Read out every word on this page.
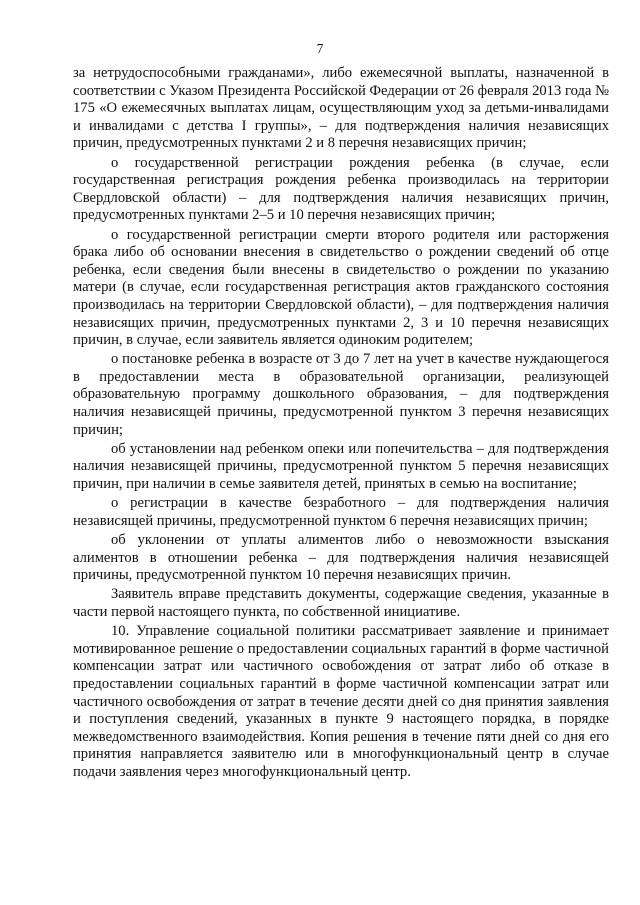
7

за нетрудоспособными гражданами», либо ежемесячной выплаты, назначенной в соответствии с Указом Президента Российской Федерации от 26 февраля 2013 года № 175 «О ежемесячных выплатах лицам, осуществляющим уход за детьми-инвалидами и инвалидами с детства I группы», – для подтверждения наличия независящих причин, предусмотренных пунктами 2 и 8 перечня независящих причин;

о государственной регистрации рождения ребенка (в случае, если государственная регистрация рождения ребенка производилась на территории Свердловской области) – для подтверждения наличия независящих причин, предусмотренных пунктами 2–5 и 10 перечня независящих причин;

о государственной регистрации смерти второго родителя или расторжения брака либо об основании внесения в свидетельство о рождении сведений об отце ребенка, если сведения были внесены в свидетельство о рождении по указанию матери (в случае, если государственная регистрация актов гражданского состояния производилась на территории Свердловской области), – для подтверждения наличия независящих причин, предусмотренных пунктами 2, 3 и 10 перечня независящих причин, в случае, если заявитель является одиноким родителем;

о постановке ребенка в возрасте от 3 до 7 лет на учет в качестве нуждающегося в предоставлении места в образовательной организации, реализующей образовательную программу дошкольного образования, – для подтверждения наличия независящей причины, предусмотренной пунктом 3 перечня независящих причин;

об установлении над ребенком опеки или попечительства – для подтверждения наличия независящей причины, предусмотренной пунктом 5 перечня независящих причин, при наличии в семье заявителя детей, принятых в семью на воспитание;

о регистрации в качестве безработного – для подтверждения наличия независящей причины, предусмотренной пунктом 6 перечня независящих причин;

об уклонении от уплаты алиментов либо о невозможности взыскания алиментов в отношении ребенка – для подтверждения наличия независящей причины, предусмотренной пунктом 10 перечня независящих причин.

Заявитель вправе представить документы, содержащие сведения, указанные в части первой настоящего пункта, по собственной инициативе.

10. Управление социальной политики рассматривает заявление и принимает мотивированное решение о предоставлении социальных гарантий в форме частичной компенсации затрат или частичного освобождения от затрат либо об отказе в предоставлении социальных гарантий в форме частичной компенсации затрат или частичного освобождения от затрат в течение десяти дней со дня принятия заявления и поступления сведений, указанных в пункте 9 настоящего порядка, в порядке межведомственного взаимодействия. Копия решения в течение пяти дней со дня его принятия направляется заявителю или в многофункциональный центр в случае подачи заявления через многофункциональный центр.
